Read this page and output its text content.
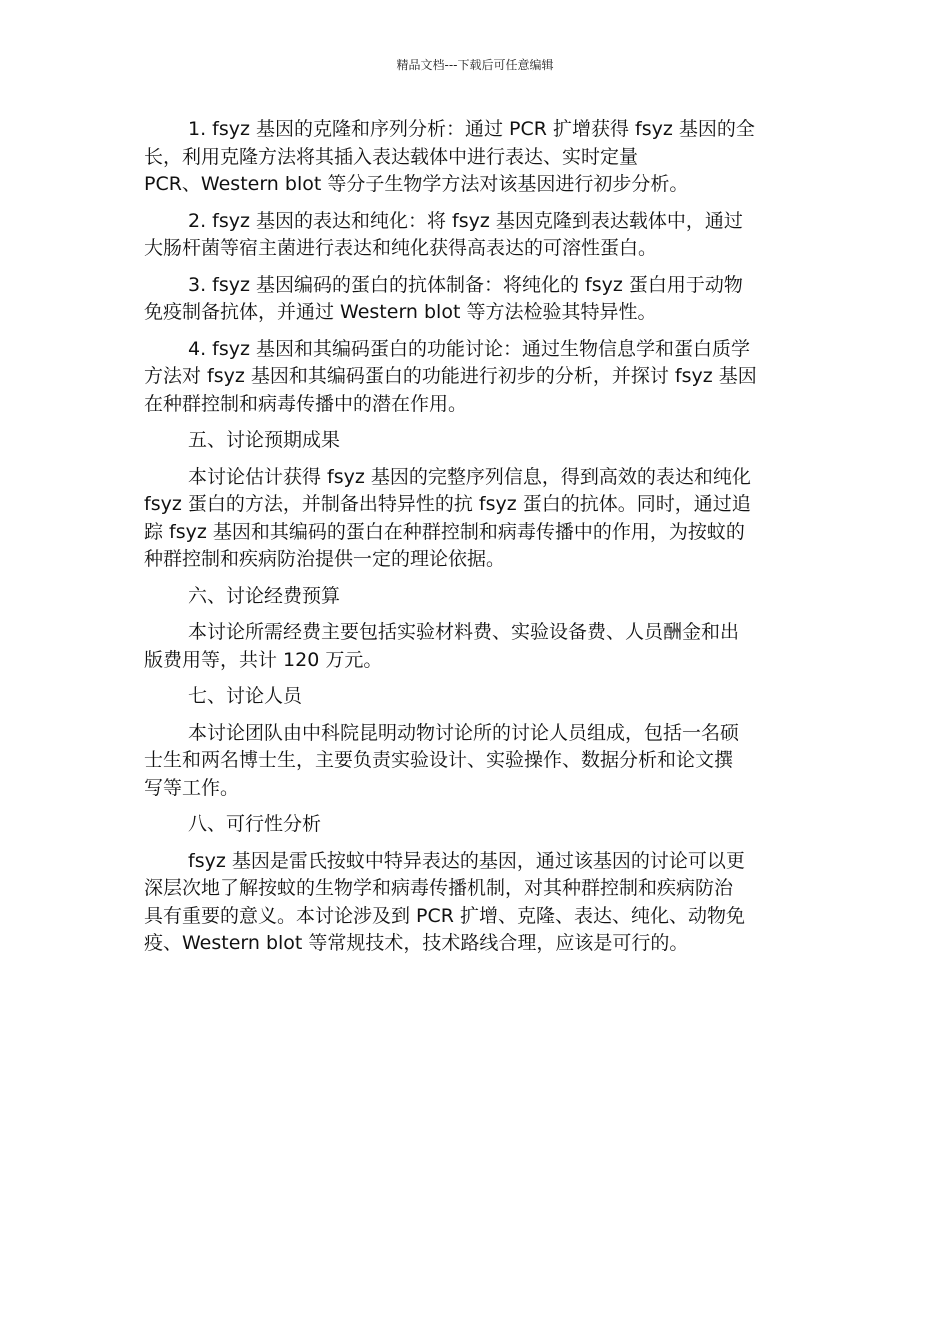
精品文档---下载后可任意编辑

1. fsyz 基因的克隆和序列分析：通过 PCR 扩增获得 fsyz 基因的全
长，利用克隆方法将其插入表达载体中进行表达、实时定量
PCR、Western blot 等分子生物学方法对该基因进行初步分析。

2. fsyz 基因的表达和纯化：将 fsyz 基因克隆到表达载体中，通过
大肠杆菌等宿主菌进行表达和纯化获得高表达的可溶性蛋白。

3. fsyz 基因编码的蛋白的抗体制备：将纯化的 fsyz 蛋白用于动物
免疫制备抗体，并通过 Western blot 等方法检验其特异性。

4. fsyz 基因和其编码蛋白的功能讨论：通过生物信息学和蛋白质学
方法对 fsyz 基因和其编码蛋白的功能进行初步的分析，并探讨 fsyz 基因
在种群控制和病毒传播中的潜在作用。

五、讨论预期成果

本讨论估计获得 fsyz 基因的完整序列信息，得到高效的表达和纯化
fsyz 蛋白的方法，并制备出特异性的抗 fsyz 蛋白的抗体。同时，通过追
踪 fsyz 基因和其编码的蛋白在种群控制和病毒传播中的作用，为按蚊的
种群控制和疾病防治提供一定的理论依据。

六、讨论经费预算

本讨论所需经费主要包括实验材料费、实验设备费、人员酬金和出
版费用等，共计 120 万元。

七、讨论人员

本讨论团队由中科院昆明动物讨论所的讨论人员组成，包括一名硕
士生和两名博士生，主要负责实验设计、实验操作、数据分析和论文撰
写等工作。

八、可行性分析

fsyz 基因是雷氏按蚊中特异表达的基因，通过该基因的讨论可以更
深层次地了解按蚊的生物学和病毒传播机制，对其种群控制和疾病防治
具有重要的意义。本讨论涉及到 PCR 扩增、克隆、表达、纯化、动物免
疫、Western blot 等常规技术，技术路线合理，应该是可行的。
